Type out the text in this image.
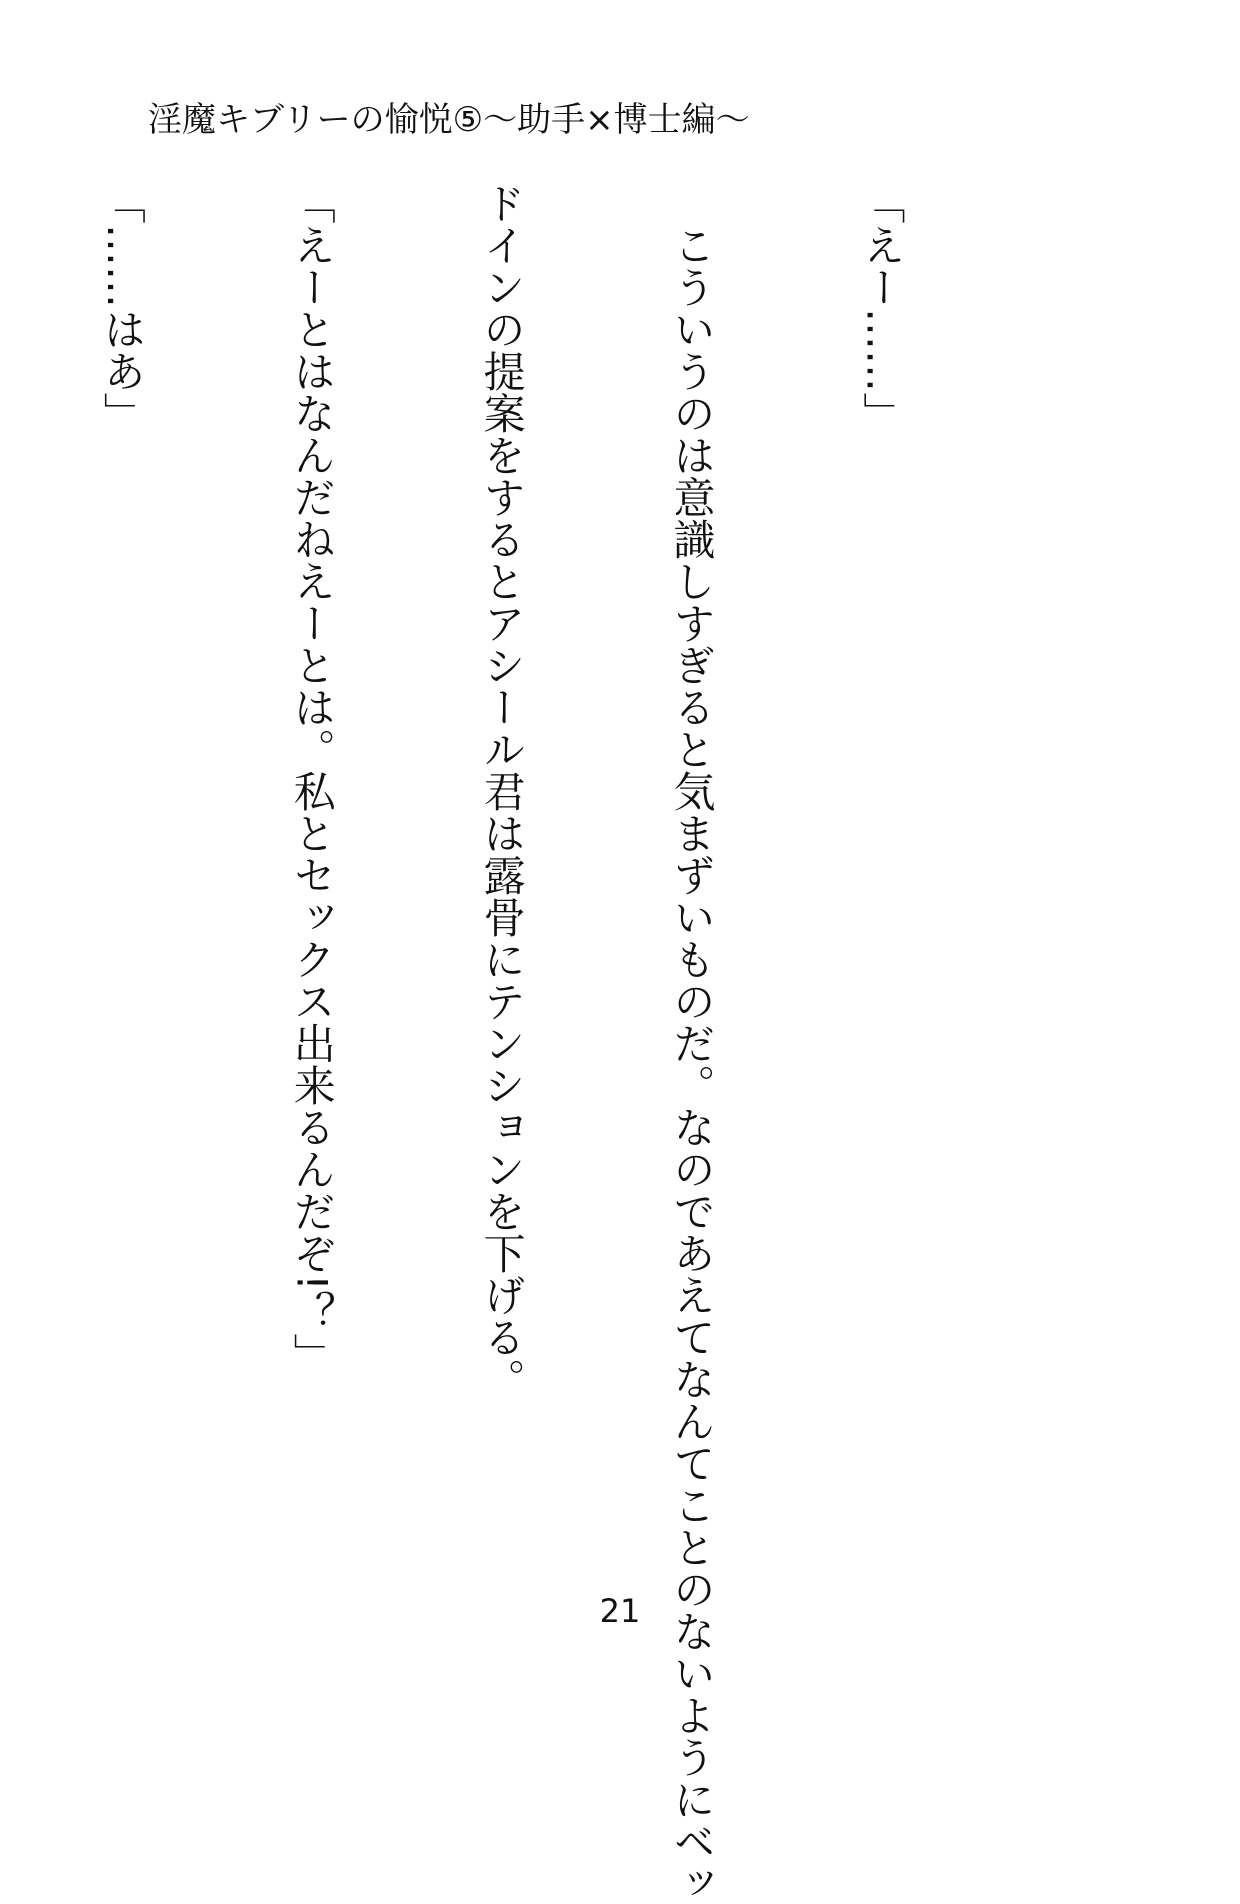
淫魔キブリーの愉悦⑤〜助手×博士編〜

「えー……」

　こういうのは意識しすぎると気まずいものだ。なのであえてなんてことのないようにベッ

ドインの提案をするとアシール君は露骨にテンションを下げる。

「えーとはなんだねえーとは。私とセックス出来るんだぞ!？」

「……はあ」

21
